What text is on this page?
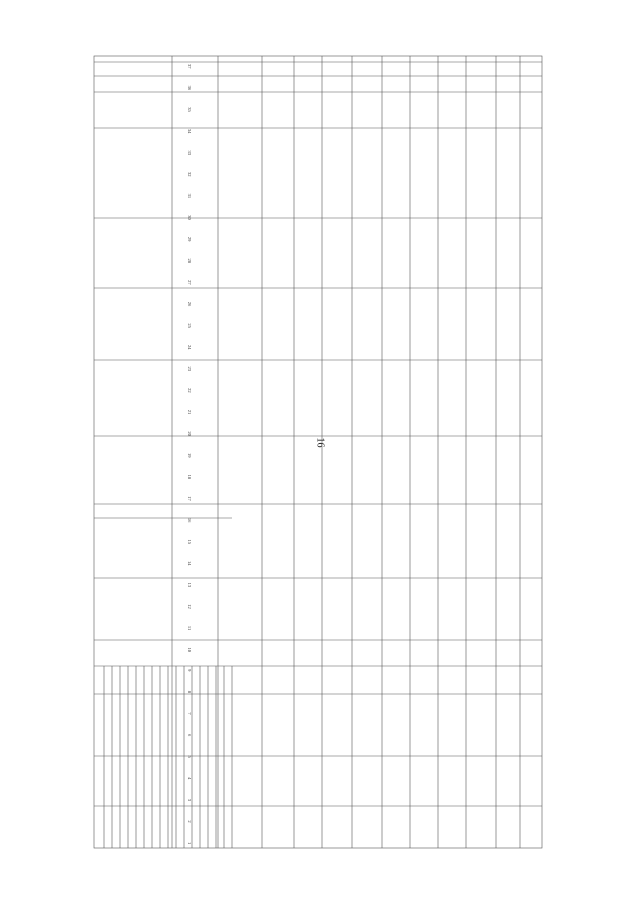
16
1
2
3
4
5
6
7
8
9
10
11
12
13
14
15
16
17
18
19
20
21
22
23
24
25
26
27
28
29
30
31
32
33
34
35
36
37
